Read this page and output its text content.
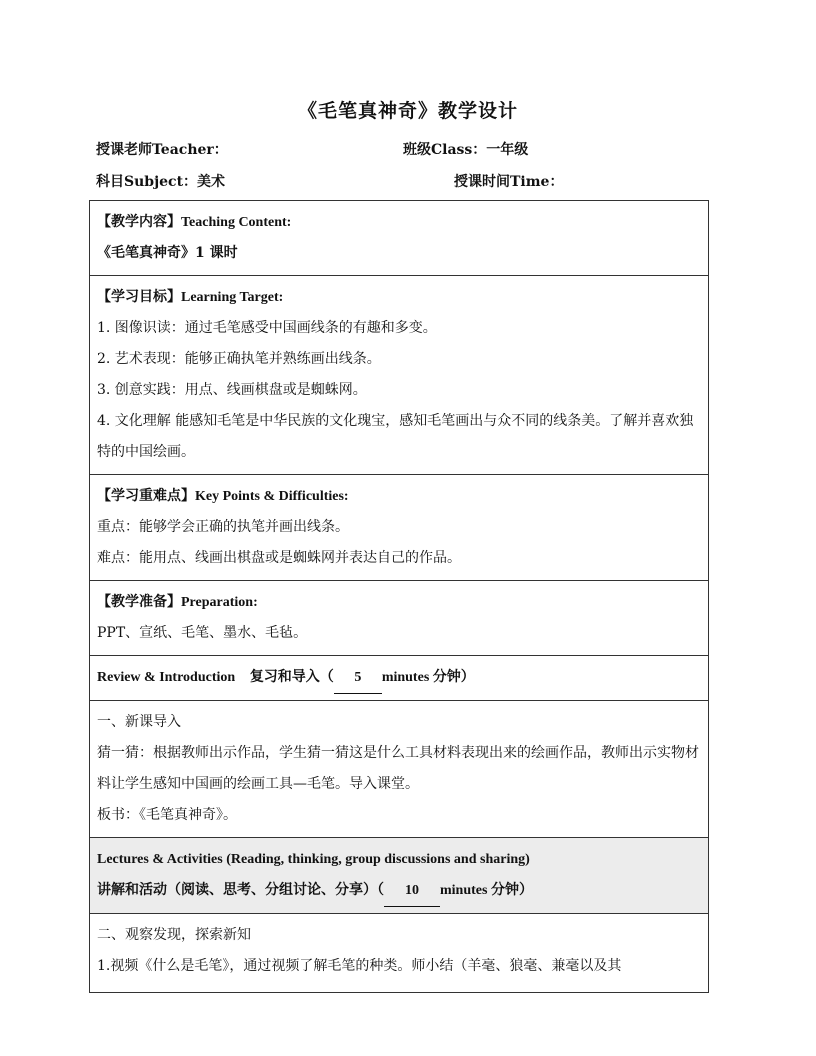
《毛笔真神奇》教学设计
授课老师Teacher：	班级Class：一年级
科目Subject：美术	授课时间Time：
【教学内容】Teaching Content:
《毛笔真神奇》1 课时

【学习目标】Learning Target:
1. 图像识读：通过毛笔感受中国画线条的有趣和多变。
2. 艺术表现：能够正确执笔并熟练画出线条。
3. 创意实践：用点、线画棋盘或是蜘蛛网。
4. 文化理解 能感知毛笔是中华民族的文化瑰宝，感知毛笔画出与众不同的线条美。了解并喜欢独特的中国绘画。

【学习重难点】Key Points & Difficulties:
重点：能够学会正确的执笔并画出线条。
难点：能用点、线画出棋盘或是蜘蛛网并表达自己的作品。

【教学准备】Preparation:
PPT、宣纸、毛笔、墨水、毛毡。

Review & Introduction 复习和导入（ 5 minutes 分钟）

一、新课导入
猜一猜：根据教师出示作品，学生猜一猜这是什么工具材料表现出来的绘画作品，教师出示实物材料让学生感知中国画的绘画工具—毛笔。导入课堂。
板书：《毛笔真神奇》。

Lectures & Activities (Reading, thinking, group discussions and sharing)
讲解和活动（阅读、思考、分组讨论、分享）（ 10 minutes 分钟）

二、观察发现，探索新知
1.视频《什么是毛笔》，通过视频了解毛笔的种类。师小结（羊毫、狼毫、兼毫以及其
